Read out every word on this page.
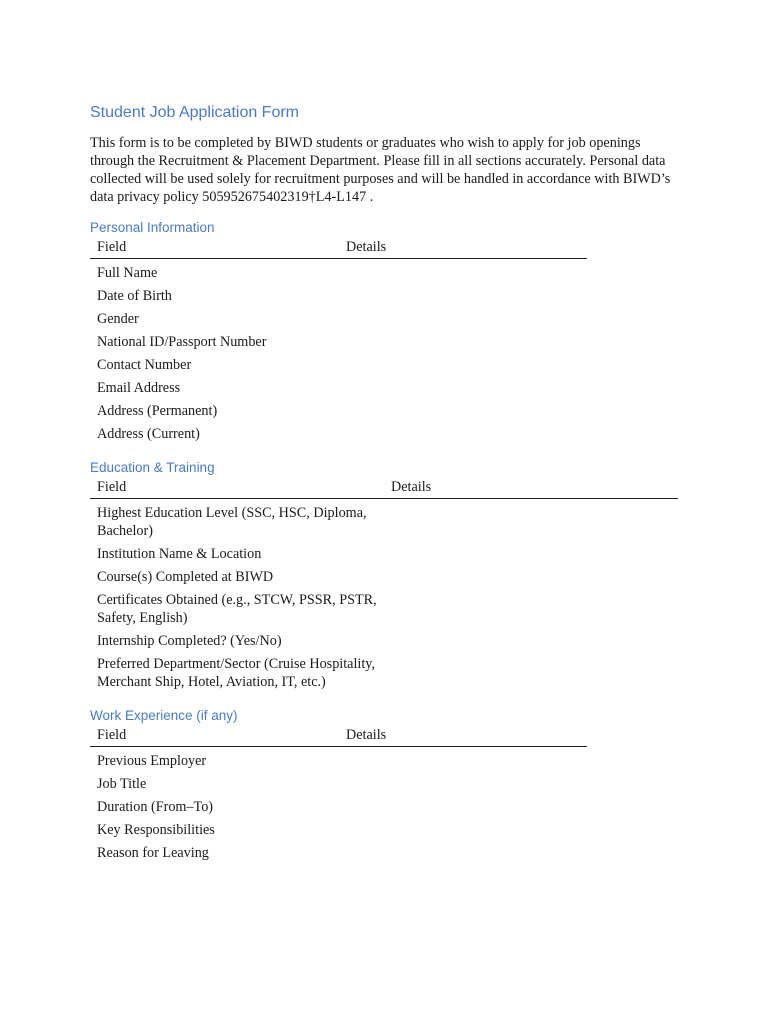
Student Job Application Form

This form is to be completed by BIWD students or graduates who wish to apply for job openings through the Recruitment & Placement Department. Please fill in all sections accurately. Personal data collected will be used solely for recruitment purposes and will be handled in accordance with BIWD’s data privacy policy 505952675402319†L4-L147 .

Personal Information
Field	Details
Full Name	
Date of Birth	
Gender	
National ID/Passport Number	
Contact Number	
Email Address	
Address (Permanent)	
Address (Current)	
Education & Training
Field	Details
Highest Education Level (SSC, HSC, Diploma, Bachelor)	
Institution Name & Location	
Course(s) Completed at BIWD	
Certificates Obtained (e.g., STCW, PSSR, PSTR, Safety, English)	
Internship Completed? (Yes/No)	
Preferred Department/Sector (Cruise Hospitality, Merchant Ship, Hotel, Aviation, IT, etc.)	
Work Experience (if any)
Field	Details
Previous Employer	
Job Title	
Duration (From–To)	
Key Responsibilities	
Reason for Leaving	
